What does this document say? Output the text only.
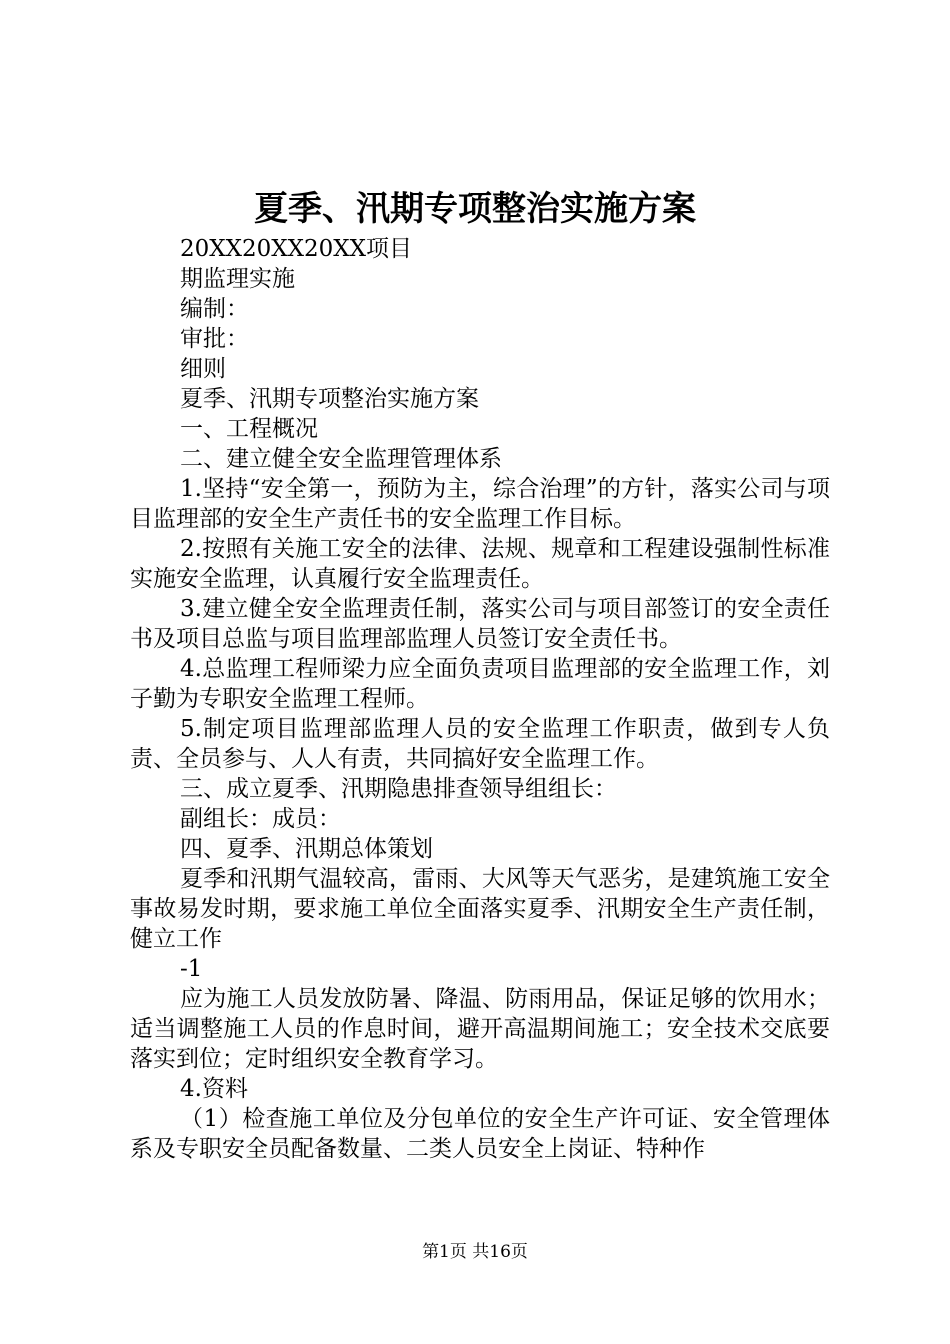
夏季、汛期专项整治实施方案
20XX20XX20XX项目
期监理实施
编制：
审批：
细则
夏季、汛期专项整治实施方案
一、工程概况
二、建立健全安全监理管理体系

1.坚持“安全第一，预防为主，综合治理”的方针，落实公司与项目监理部的安全生产责任书的安全监理工作目标。

2.按照有关施工安全的法律、法规、规章和工程建设强制性标准实施安全监理，认真履行安全监理责任。

3.建立健全安全监理责任制，落实公司与项目部签订的安全责任书及项目总监与项目监理部监理人员签订安全责任书。

4.总监理工程师梁力应全面负责项目监理部的安全监理工作，刘子勤为专职安全监理工程师。

5.制定项目监理部监理人员的安全监理工作职责，做到专人负责、全员参与、人人有责，共同搞好安全监理工作。

三、成立夏季、汛期隐患排查领导组组长：
副组长：成员：
四、夏季、汛期总体策划

夏季和汛期气温较高，雷雨、大风等天气恶劣，是建筑施工安全事故易发时期，要求施工单位全面落实夏季、汛期安全生产责任制，健立工作

-1

应为施工人员发放防暑、降温、防雨用品，保证足够的饮用水；适当调整施工人员的作息时间，避开高温期间施工；安全技术交底要落实到位；定时组织安全教育学习。

4.资料

（1）检查施工单位及分包单位的安全生产许可证、安全管理体系及专职安全员配备数量、二类人员安全上岗证、特种作

第1页 共16页
